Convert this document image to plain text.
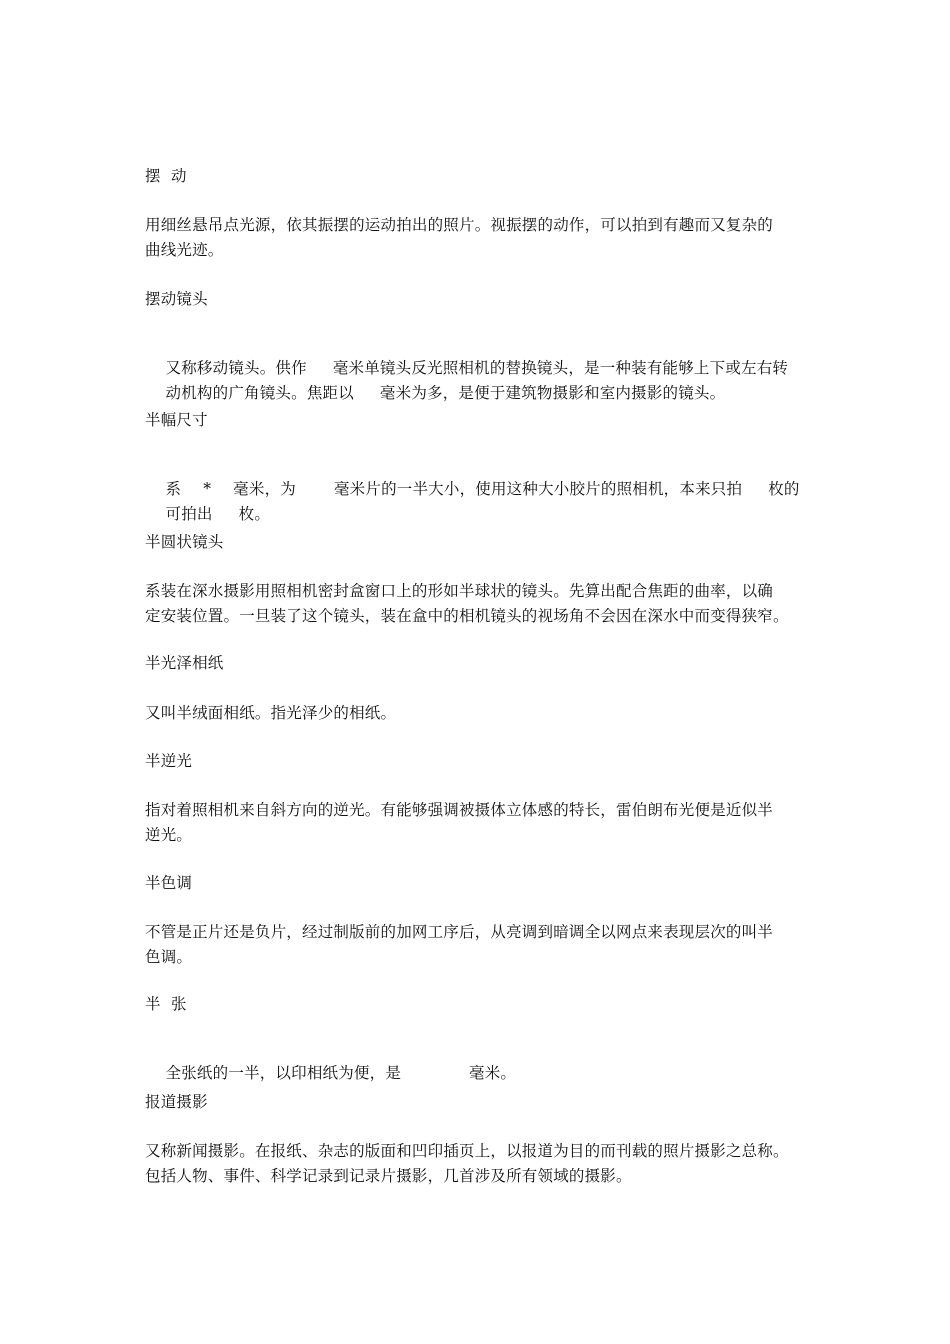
摆  动
用细丝悬吊点光源，依其振摆的运动拍出的照片。视振摆的动作，可以拍到有趣而又复杂的
曲线光迹。
摆动镜头

又称移动镜头。供作 毫米单镜头反光照相机的替换镜头，是一种装有能够上下或左右转

动机构的广角镜头。焦距以 毫米为多，是便于建筑物摄影和室内摄影的镜头。

半幅尺寸

系 * 毫米，为 毫米片的一半大小，使用这种大小胶片的照相机，本来只拍 枚的

可拍出 枚。

半圆状镜头
系装在深水摄影用照相机密封盒窗口上的形如半球状的镜头。先算出配合焦距的曲率，以确
定安装位置。一旦装了这个镜头，装在盒中的相机镜头的视场角不会因在深水中而变得狭窄。
半光泽相纸
又叫半绒面相纸。指光泽少的相纸。
半逆光
指对着照相机来自斜方向的逆光。有能够强调被摄体立体感的特长，雷伯朗布光便是近似半
逆光。
半色调
不管是正片还是负片，经过制版前的加网工序后，从亮调到暗调全以网点来表现层次的叫半
色调。
半  张

全张纸的一半，以印相纸为便，是	毫米。

报道摄影
又称新闻摄影。在报纸、杂志的版面和凹印插页上，以报道为目的而刊载的照片摄影之总称。
包括人物、事件、科学记录到记录片摄影，几首涉及所有领域的摄影。
